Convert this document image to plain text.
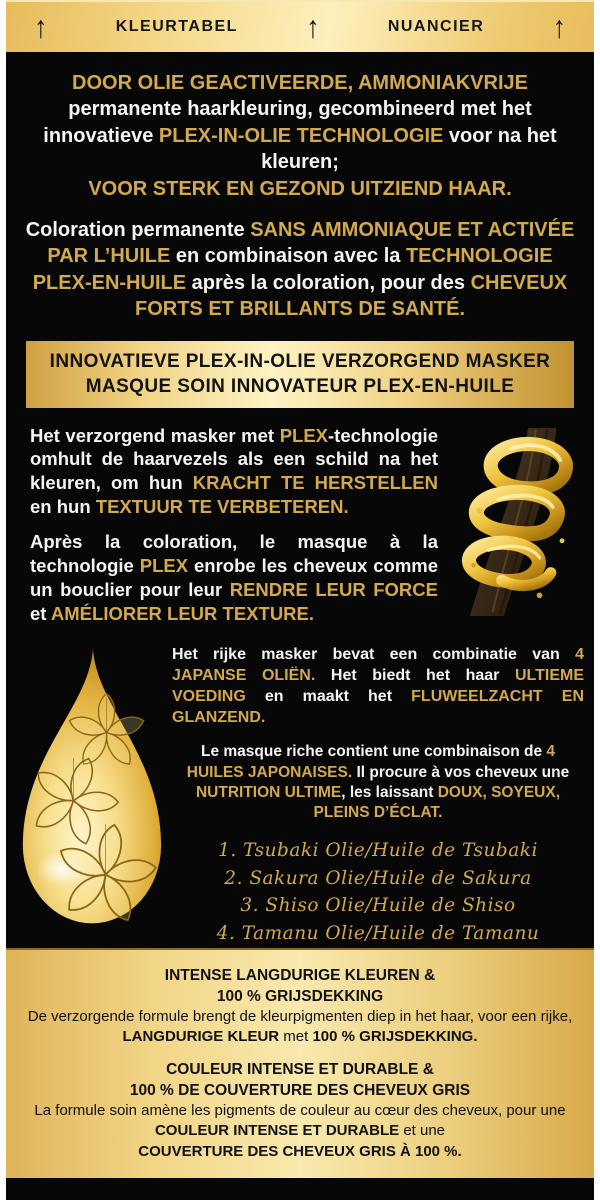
↑	KLEURTABEL	↑	NUANCIER	↑

DOOR OLIE GEACTIVEERDE, AMMONIAKVRIJE permanente haarkleuring, gecombineerd met het innovatieve PLEX-IN-OLIE TECHNOLOGIE voor na het kleuren;
VOOR STERK EN GEZOND UITZIEND HAAR.

Coloration permanente SANS AMMONIAQUE ET ACTIVÉE PAR L’HUILE en combinaison avec la TECHNOLOGIE PLEX-EN-HUILE après la coloration, pour des CHEVEUX FORTS ET BRILLANTS DE SANTÉ.

INNOVATIEVE PLEX-IN-OLIE VERZORGEND MASKER
MASQUE SOIN INNOVATEUR PLEX-EN-HUILE

Het verzorgend masker met PLEX-technologie omhult de haarvezels als een schild na het kleuren, om hun KRACHT TE HERSTELLEN en hun TEXTUUR TE VERBETEREN.

Après la coloration, le masque à la technologie PLEX enrobe les cheveux comme un bouclier pour leur RENDRE LEUR FORCE et AMÉLIORER LEUR TEXTURE.

Het rijke masker bevat een combinatie van 4 JAPANSE OLIËN. Het biedt het haar ULTIEME VOEDING en maakt het FLUWEELZACHT EN GLANZEND.

Le masque riche contient une combinaison de 4 HUILES JAPONAISES. Il procure à vos cheveux une NUTRITION ULTIME, les laissant DOUX, SOYEUX, PLEINS D’ÉCLAT.

1. Tsubaki Olie/Huile de Tsubaki
2. Sakura Olie/Huile de Sakura
3. Shiso Olie/Huile de Shiso
4. Tamanu Olie/Huile de Tamanu
INTENSE LANGDURIGE KLEUREN &
100 % GRIJSDEKKING
De verzorgende formule brengt de kleurpigmenten diep in het haar, voor een rijke,
LANGDURIGE KLEUR met 100 % GRIJSDEKKING.
COULEUR INTENSE ET DURABLE &
100 % DE COUVERTURE DES CHEVEUX GRIS
La formule soin amène les pigments de couleur au cœur des cheveux, pour une
COULEUR INTENSE ET DURABLE et une
COUVERTURE DES CHEVEUX GRIS À 100 %.
